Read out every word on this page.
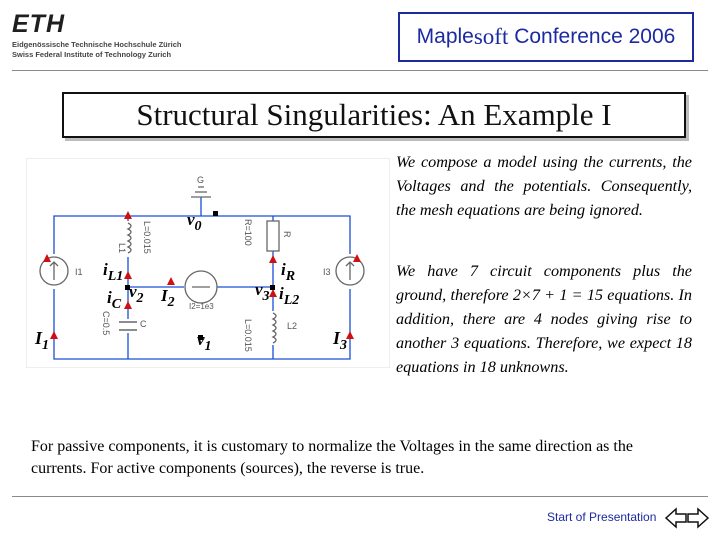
ETH
Eidgenössische Technische Hochschule Zürich
Swiss Federal Institute of Technology Zurich
Maple soft Conference 2006
Structural Singularities: An Example I
G
L1 L=0.015	R=100	R
C=0.5	C	L=0.015	L2
I1	I3
I2=1e3
$v_0$
$i_{L1}$
$i_C$
$v_2$ $I_2$
$i_R$
$v_3$ $i_{L2}$
$I_1$	$I_3$
$v_1$

We compose a model using the currents, the Voltages and the potentials. Consequently, the mesh equations are being ignored.

We have 7 circuit components plus the ground, therefore 2×7 + 1 = 15 equations. In addition, there are 4 nodes giving rise to another 3 equations. Therefore, we expect 18 equations in 18 unknowns.

For passive components, it is customary to normalize the Voltages in the same direction as the currents. For active components (sources), the reverse is true.

Start of Presentation
